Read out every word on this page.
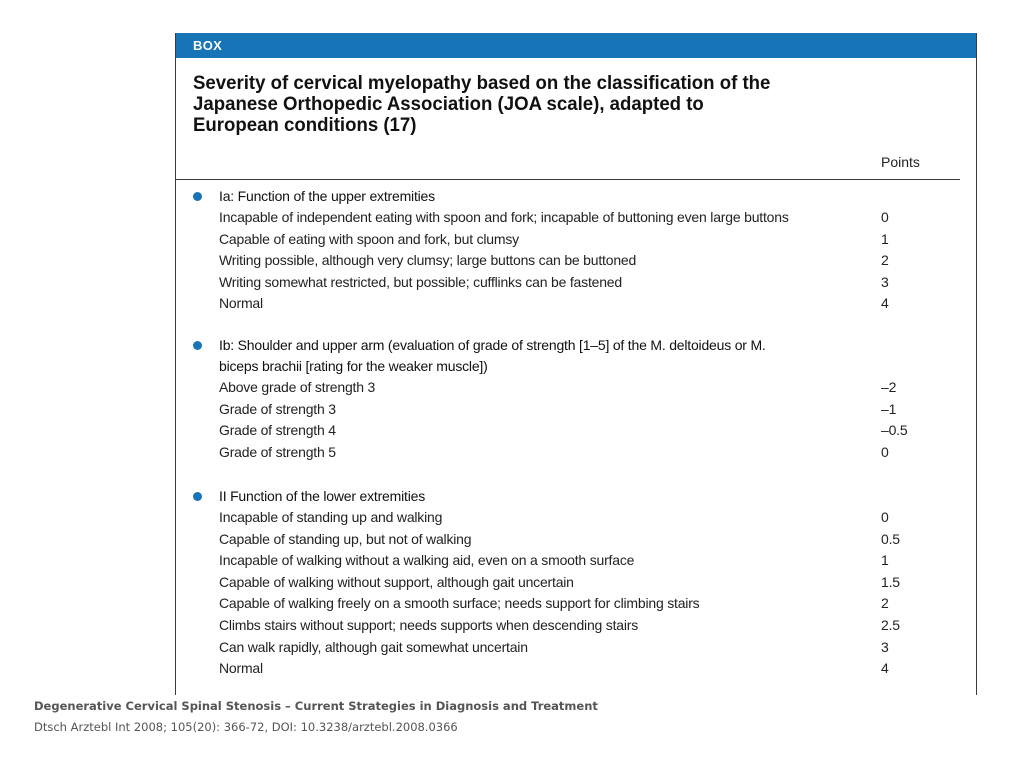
BOX
Severity of cervical myelopathy based on the classification of the Japanese Orthopedic Association (JOA scale), adapted to European conditions (17)
Points
Ia: Function of the upper extremities
Incapable of independent eating with spoon and fork; incapable of buttoning even large buttons	0
Capable of eating with spoon and fork, but clumsy	1
Writing possible, although very clumsy; large buttons can be buttoned	2
Writing somewhat restricted, but possible; cufflinks can be fastened	3
Normal	4
Ib: Shoulder and upper arm (evaluation of grade of strength [1–5] of the M. deltoideus or M. biceps brachii [rating for the weaker muscle])
Above grade of strength 3	–2
Grade of strength 3	–1
Grade of strength 4	–0.5
Grade of strength 5	0
II Function of the lower extremities
Incapable of standing up and walking	0
Capable of standing up, but not of walking	0.5
Incapable of walking without a walking aid, even on a smooth surface	1
Capable of walking without support, although gait uncertain	1.5
Capable of walking freely on a smooth surface; needs support for climbing stairs	2
Climbs stairs without support; needs supports when descending stairs	2.5
Can walk rapidly, although gait somewhat uncertain	3
Normal	4
Degenerative Cervical Spinal Stenosis – Current Strategies in Diagnosis and Treatment
Dtsch Arztebl Int 2008; 105(20): 366-72, DOI: 10.3238/arztebl.2008.0366
